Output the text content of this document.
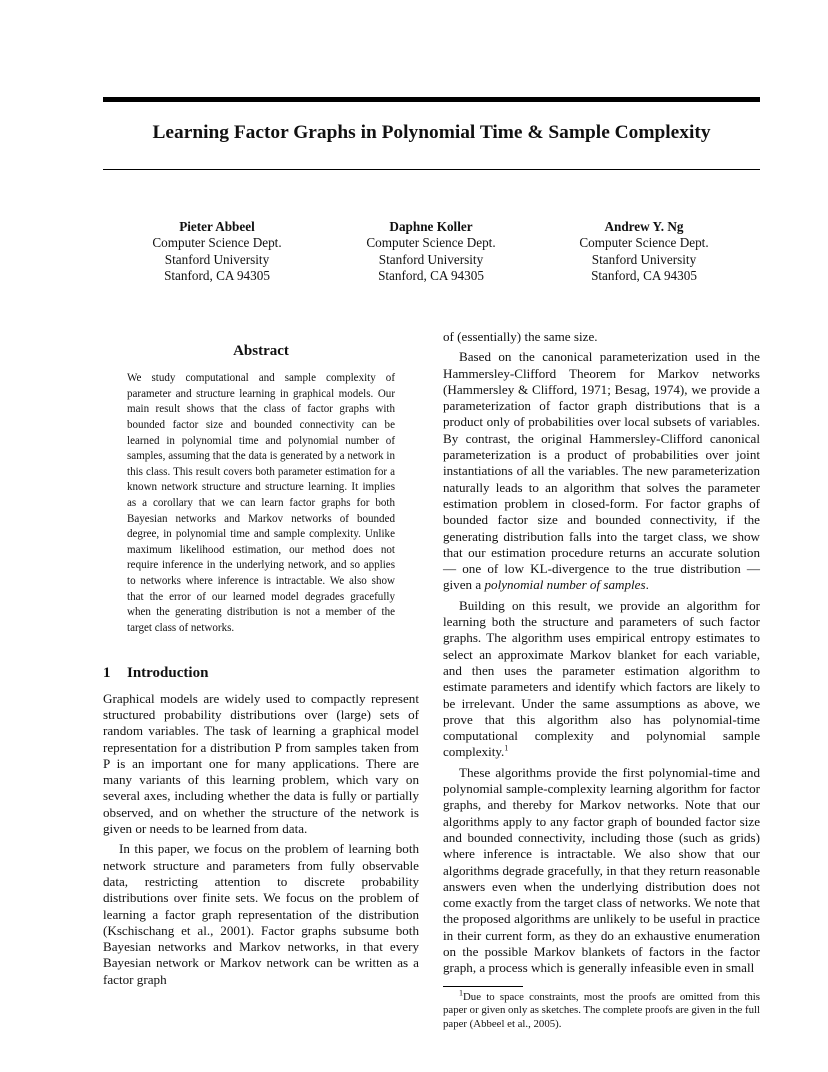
Learning Factor Graphs in Polynomial Time & Sample Complexity
Pieter Abbeel
Computer Science Dept.
Stanford University
Stanford, CA 94305
Daphne Koller
Computer Science Dept.
Stanford University
Stanford, CA 94305
Andrew Y. Ng
Computer Science Dept.
Stanford University
Stanford, CA 94305
Abstract

We study computational and sample complexity of parameter and structure learning in graphical models. Our main result shows that the class of factor graphs with bounded factor size and bounded connectivity can be learned in polynomial time and polynomial number of samples, assuming that the data is generated by a network in this class. This result covers both parameter estimation for a known network structure and structure learning. It implies as a corollary that we can learn factor graphs for both Bayesian networks and Markov networks of bounded degree, in polynomial time and sample complexity. Unlike maximum likelihood estimation, our method does not require inference in the underlying network, and so applies to networks where inference is intractable. We also show that the error of our learned model degrades gracefully when the generating distribution is not a member of the target class of networks.

1 Introduction

Graphical models are widely used to compactly represent structured probability distributions over (large) sets of random variables. The task of learning a graphical model representation for a distribution P from samples taken from P is an important one for many applications. There are many variants of this learning problem, which vary on several axes, including whether the data is fully or partially observed, and on whether the structure of the network is given or needs to be learned from data.

In this paper, we focus on the problem of learning both network structure and parameters from fully observable data, restricting attention to discrete probability distributions over finite sets. We focus on the problem of learning a factor graph representation of the distribution (Kschischang et al., 2001). Factor graphs subsume both Bayesian networks and Markov networks, in that every Bayesian network or Markov network can be written as a factor graph

of (essentially) the same size.

Based on the canonical parameterization used in the Hammersley-Clifford Theorem for Markov networks (Hammersley & Clifford, 1971; Besag, 1974), we provide a parameterization of factor graph distributions that is a product only of probabilities over local subsets of variables. By contrast, the original Hammersley-Clifford canonical parameterization is a product of probabilities over joint instantiations of all the variables. The new parameterization naturally leads to an algorithm that solves the parameter estimation problem in closed-form. For factor graphs of bounded factor size and bounded connectivity, if the generating distribution falls into the target class, we show that our estimation procedure returns an accurate solution — one of low KL-divergence to the true distribution — given a polynomial number of samples.

Building on this result, we provide an algorithm for learning both the structure and parameters of such factor graphs. The algorithm uses empirical entropy estimates to select an approximate Markov blanket for each variable, and then uses the parameter estimation algorithm to estimate parameters and identify which factors are likely to be irrelevant. Under the same assumptions as above, we prove that this algorithm also has polynomial-time computational complexity and polynomial sample complexity.$^1$

These algorithms provide the first polynomial-time and polynomial sample-complexity learning algorithm for factor graphs, and thereby for Markov networks. Note that our algorithms apply to any factor graph of bounded factor size and bounded connectivity, including those (such as grids) where inference is intractable. We also show that our algorithms degrade gracefully, in that they return reasonable answers even when the underlying distribution does not come exactly from the target class of networks. We note that the proposed algorithms are unlikely to be useful in practice in their current form, as they do an exhaustive enumeration on the possible Markov blankets of factors in the factor graph, a process which is generally infeasible even in small

$^1$Due to space constraints, most the proofs are omitted from this paper or given only as sketches. The complete proofs are given in the full paper (Abbeel et al., 2005).
